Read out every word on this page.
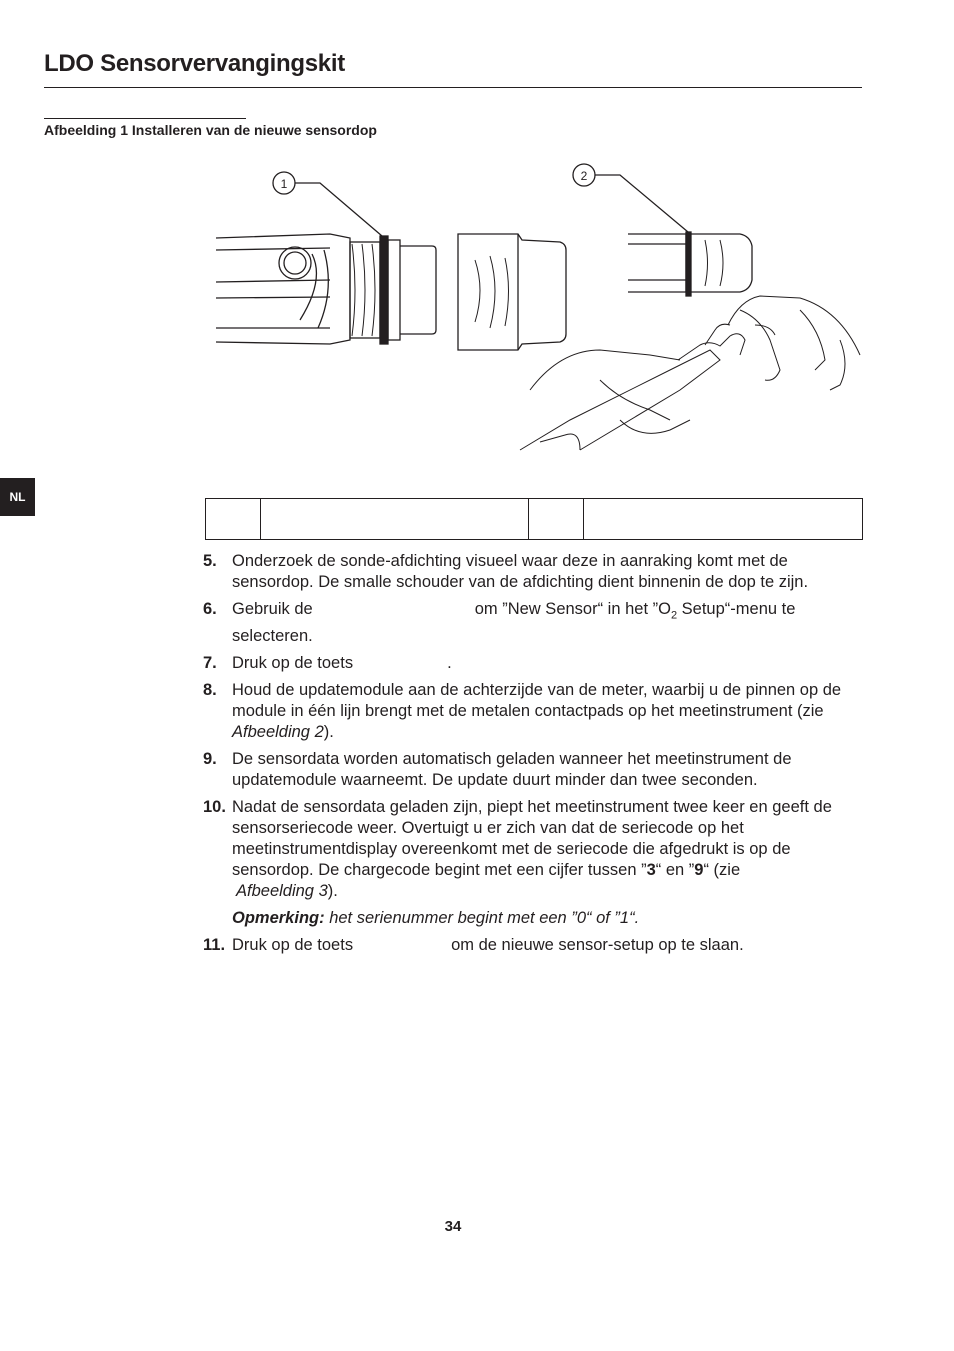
LDO Sensorvervangingskit
Afbeelding 1 Installeren van de nieuwe sensordop
1
2
NL

5. Onderzoek de sonde-afdichting visueel waar deze in aanraking komt met de sensordop. De smalle schouder van de afdichting dient binnenin de dop te zijn.
6. Gebruik de	om ”New Sensor“ in het $”O_2$ Setup“-menu te selecteren.
7. Druk op de toets	.
8. Houd de updatemodule aan de achterzijde van de meter, waarbij u de pinnen op de module in één lijn brengt met de metalen contactpads op het meetinstrument (zie Afbeelding 2).
9. De sensordata worden automatisch geladen wanneer het meetinstrument de updatemodule waarneemt. De update duurt minder dan twee seconden.
10. Nadat de sensordata geladen zijn, piept het meetinstrument twee keer en geeft de sensorseriecode weer. Overtuigt u er zich van dat de seriecode op het meetinstrumentdisplay overeenkomt met de seriecode die afgedrukt is op de sensordop. De chargecode begint met een cijfer tussen ”3“ en ”9“ (zie
Afbeelding 3).
Opmerking: het serienummer begint met een ”0“ of ”1“.
11. Druk op de toets	om de nieuwe sensor-setup op te slaan.
34
